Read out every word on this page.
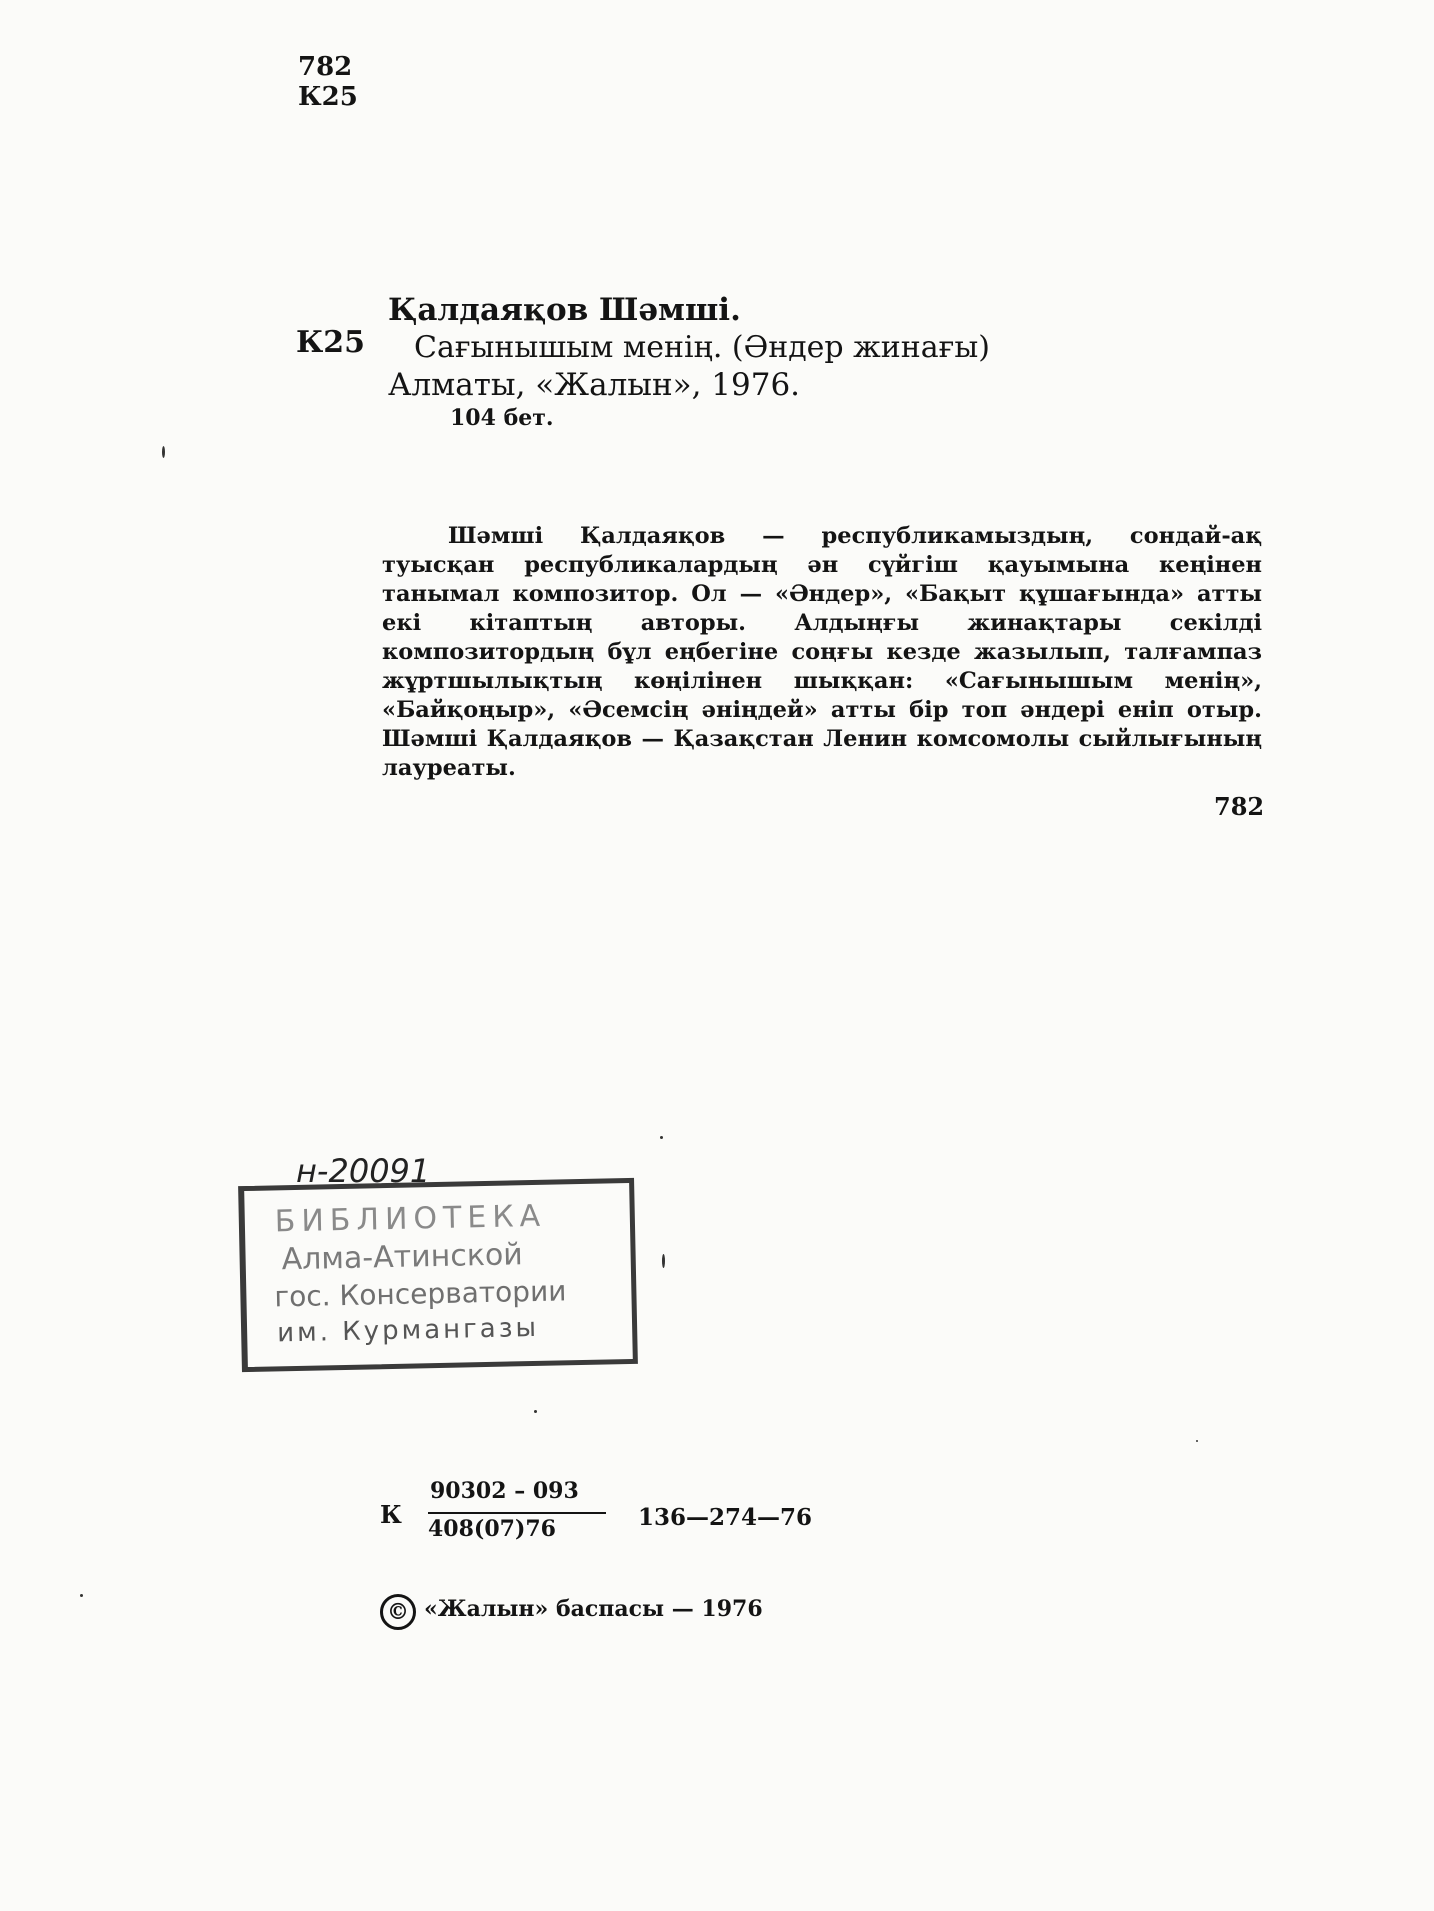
782
К25
Қалдаяқов Шәмші.
К25 Сағынышым менің. (Әндер жинағы)
Алматы, «Жалын», 1976.
104 бет.
Шәмші Қалдаяқов — республикамыздың, сондай-ақ туысқан республикалардың ән сүйгіш қауымына кеңінен танымал композитор. Ол — «Әндер», «Бақыт құшағында» атты екі кітаптың авторы. Алдыңғы жинақтары секілді композитордың бұл еңбегіне соңғы кезде жазылып, талғампаз жұртшылықтың көңілінен шыққан: «Сағынышым менің», «Байқоңыр», «Әсемсің әніңдей» атты бір топ әндері еніп отыр. Шәмші Қалдаяқов — Қазақстан Ленин комсомолы сыйлығының лауреаты.
782
н-20091
БИБЛИОТЕКА
Алма-Атинской
гос. Консерватории
им. Курмангазы
К
90302 – 093
408(07)76	136—274—76
© «Жалын» баспасы — 1976
